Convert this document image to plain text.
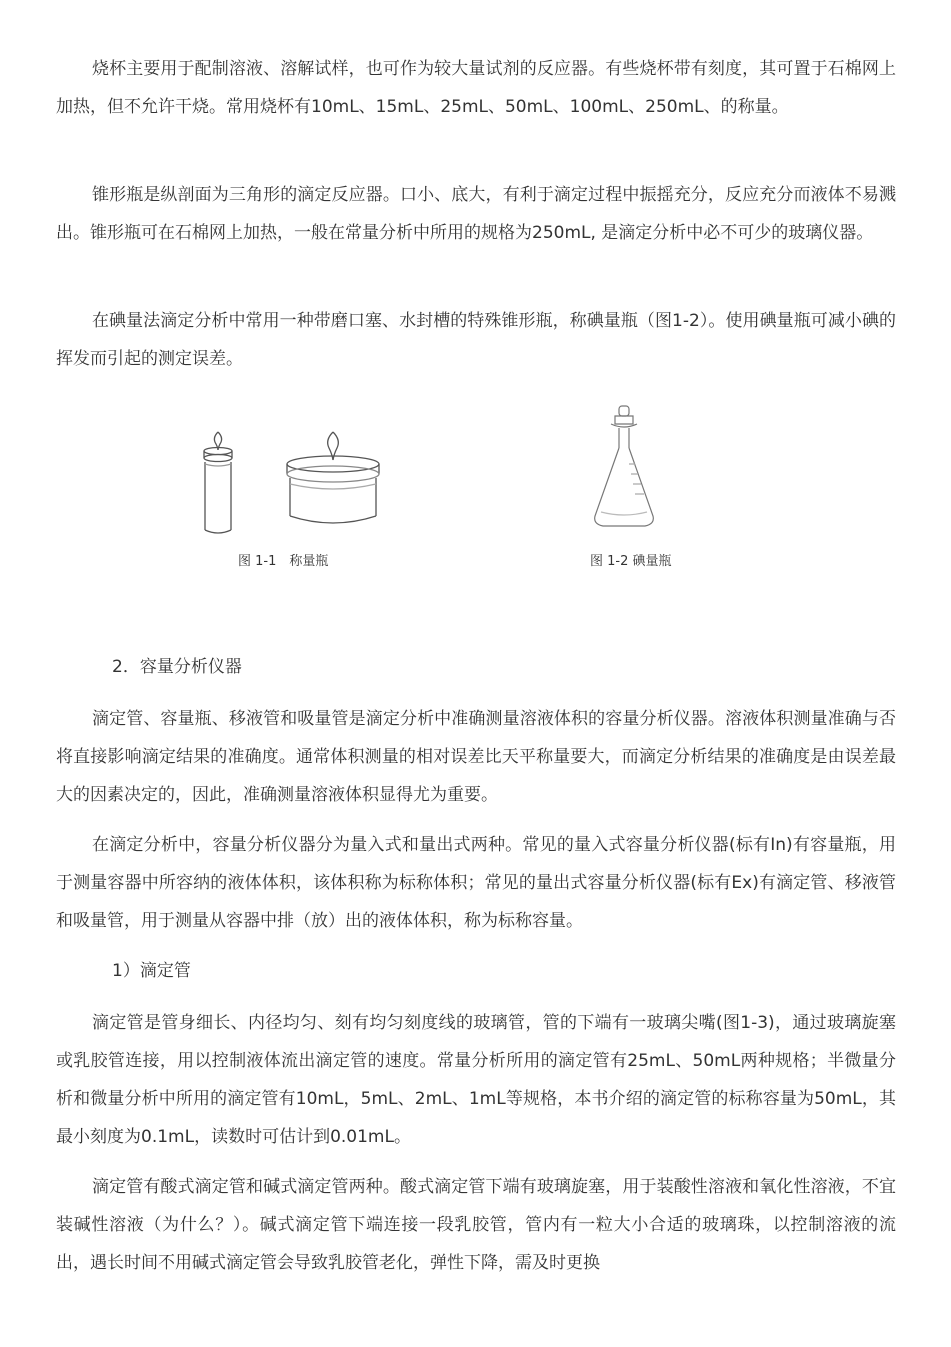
烧杯主要用于配制溶液、溶解试样，也可作为较大量试剂的反应器。有些烧杯带有刻度，其可置于石棉网上加热，但不允许干烧。常用烧杯有10mL、15mL、25mL、50mL、100mL、250mL、的称量。

锥形瓶是纵剖面为三角形的滴定反应器。口小、底大，有利于滴定过程中振摇充分，反应充分而液体不易溅出。锥形瓶可在石棉网上加热，一般在常量分析中所用的规格为250mL, 是滴定分析中必不可少的玻璃仪器。

在碘量法滴定分析中常用一种带磨口塞、水封槽的特殊锥形瓶，称碘量瓶（图1-2）。使用碘量瓶可减小碘的挥发而引起的测定误差。

图 1-1　称量瓶	图 1-2 碘量瓶

2．容量分析仪器

滴定管、容量瓶、移液管和吸量管是滴定分析中准确测量溶液体积的容量分析仪器。溶液体积测量准确与否将直接影响滴定结果的准确度。通常体积测量的相对误差比天平称量要大，而滴定分析结果的准确度是由误差最大的因素决定的，因此，准确测量溶液体积显得尤为重要。

在滴定分析中，容量分析仪器分为量入式和量出式两种。常见的量入式容量分析仪器(标有In)有容量瓶，用于测量容器中所容纳的液体体积，该体积称为标称体积；常见的量出式容量分析仪器(标有Ex)有滴定管、移液管和吸量管，用于测量从容器中排（放）出的液体体积，称为标称容量。

1）滴定管

滴定管是管身细长、内径均匀、刻有均匀刻度线的玻璃管，管的下端有一玻璃尖嘴(图1-3)，通过玻璃旋塞或乳胶管连接，用以控制液体流出滴定管的速度。常量分析所用的滴定管有25mL、50mL两种规格；半微量分析和微量分析中所用的滴定管有10mL，5mL、2mL、1mL等规格，本书介绍的滴定管的标称容量为50mL，其最小刻度为0.1mL，读数时可估计到0.01mL。

滴定管有酸式滴定管和碱式滴定管两种。酸式滴定管下端有玻璃旋塞，用于装酸性溶液和氧化性溶液，不宜装碱性溶液（为什么？）。碱式滴定管下端连接一段乳胶管，管内有一粒大小合适的玻璃珠，以控制溶液的流出，遇长时间不用碱式滴定管会导致乳胶管老化，弹性下降，需及时更换
